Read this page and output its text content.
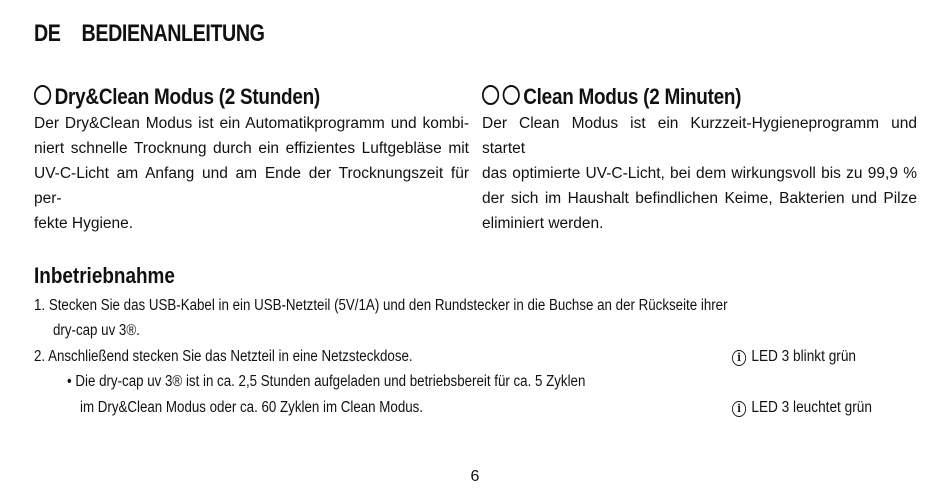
DE BEDIENANLEITUNG
Dry&Clean Modus (2 Stunden)
Der Dry&Clean Modus ist ein Automatikprogramm und kombi-
niert schnelle Trocknung durch ein effizientes Luftgebläse mit
UV-C-Licht am Anfang und am Ende der Trocknungszeit für per-
fekte Hygiene.
Clean Modus (2 Minuten)
Der Clean Modus ist ein Kurzzeit-Hygieneprogramm und startet
das optimierte UV-C-Licht, bei dem wirkungsvoll bis zu 99,9 %
der sich im Haushalt befindlichen Keime, Bakterien und Pilze
eliminiert werden.
Inbetriebnahme
1. Stecken Sie das USB-Kabel in ein USB-Netzteil (5V/1A) und den Rundstecker in die Buchse an der Rückseite ihrer
dry-cap uv 3®.
2. Anschließend stecken Sie das Netzteil in eine Netzsteckdose.
• Die dry-cap uv 3® ist in ca. 2,5 Stunden aufgeladen und betriebsbereit für ca. 5 Zyklen
im Dry&Clean Modus oder ca. 60 Zyklen im Clean Modus.
i LED 3 blinkt grün
i LED 3 leuchtet grün
6
